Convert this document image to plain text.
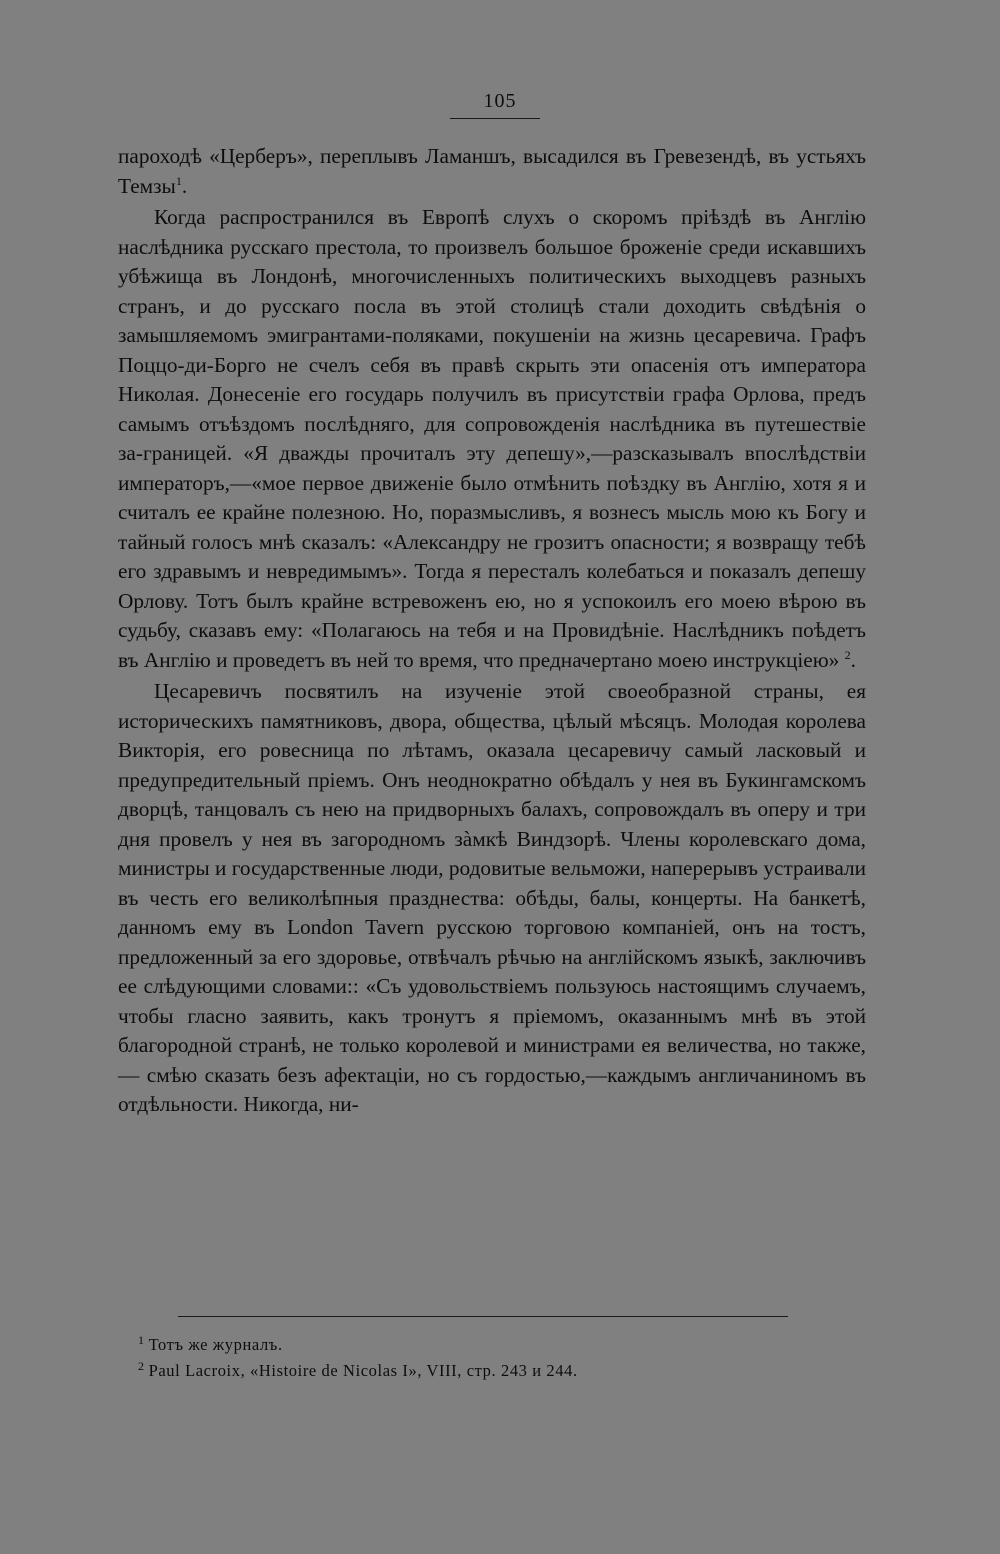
105

пароходѣ «Церберъ», переплывъ Ламаншъ, высадился въ Гревезендѣ, въ устьяхъ Темзы$^1$.

Когда распространился въ Европѣ слухъ о скоромъ пріѣздѣ въ Англію наслѣдника русскаго престола, то произвелъ большое броженіе среди искавшихъ убѣжища въ Лондонѣ, многочисленныхъ политическихъ выходцевъ разныхъ странъ, и до русскаго посла въ этой столицѣ стали доходить свѣдѣнія о замышляемомъ эмигрантами-поляками, покушеніи на жизнь цесаревича. Графъ Поццо-ди-Борго не счелъ себя въ правѣ скрыть эти опасенія отъ императора Николая. Донесеніе его государь получилъ въ присутствіи графа Орлова, предъ самымъ отъѣздомъ послѣдняго, для сопровожденія наслѣдника въ путешествіе за-границей. «Я дважды прочиталъ эту депешу»,—разсказывалъ впослѣдствіи императоръ,—«мое первое движеніе было отмѣнить поѣздку въ Англію, хотя я и считалъ ее крайне полезною. Но, поразмысливъ, я вознесъ мысль мою къ Богу и тайный голосъ мнѣ сказалъ: «Александру не грозитъ опасности; я возвращу тебѣ его здравымъ и невредимымъ». Тогда я пересталъ колебаться и показалъ депешу Орлову. Тотъ былъ крайне встревоженъ ею, но я успокоилъ его моею вѣрою въ судьбу, сказавъ ему: «Полагаюсь на тебя и на Провидѣніе. Наслѣдникъ поѣдетъ въ Англію и проведетъ въ ней то время, что предначертано моею инструкціею» $^2$.

Цесаревичъ посвятилъ на изученіе этой своеобразной страны, ея историческихъ памятниковъ, двора, общества, цѣлый мѣсяцъ. Молодая королева Викторія, его ровесница по лѣтамъ, оказала цесаревичу самый ласковый и предупредительный пріемъ. Онъ неоднократно обѣдалъ у нея въ Букингамскомъ дворцѣ, танцовалъ съ нею на придворныхъ балахъ, сопровождалъ въ оперу и три дня провелъ у нея въ загородномъ зàмкѣ Виндзорѣ. Члены королевскаго дома, министры и государственные люди, родовитые вельможи, наперерывъ устраивали въ честь его великолѣпныя празднества: обѣды, балы, концерты. На банкетѣ, данномъ ему въ London Tavern русскою торговою компаніей, онъ на тостъ, предложенный за его здоровье, отвѣчалъ рѣчью на англійскомъ языкѣ, заключивъ ее слѣдующими словами:: «Съ удовольствіемъ пользуюсь настоящимъ случаемъ, чтобы гласно заявить, какъ тронутъ я пріемомъ, оказаннымъ мнѣ въ этой благородной странѣ, не только королевой и министрами ея величества, но также, — смѣю сказать безъ афектаціи, но съ гордостью,—каждымъ англичаниномъ въ отдѣльности. Никогда, ни-

$^1$ Тотъ же журналъ.
$^2$ Paul Lacroix, «Histoire de Nicolas I», VIII, стр. 243 и 244.
